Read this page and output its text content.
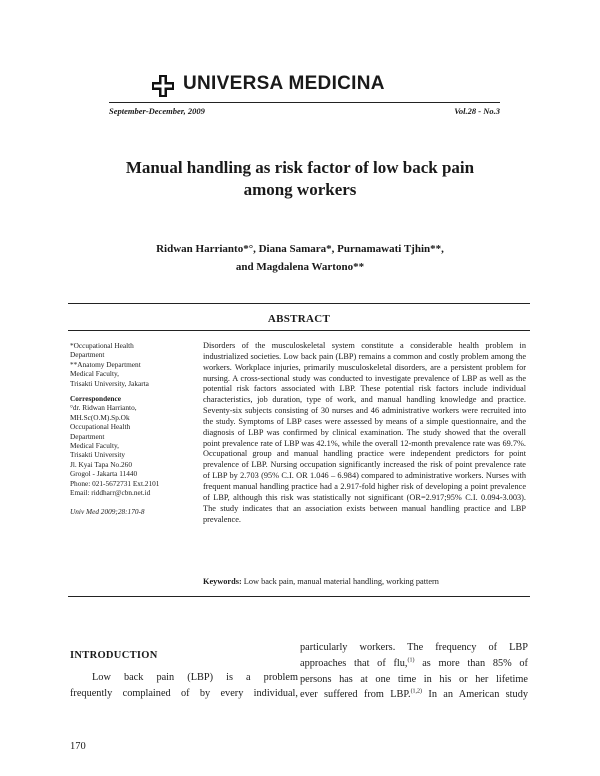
UNIVERSA MEDICINA
September-December, 2009	Vol.28 - No.3
Manual handling as risk factor of low back pain
among workers
Ridwan Harrianto*°, Diana Samara*, Purnamawati Tjhin**,
and Magdalena Wartono**
ABSTRACT
*Occupational Health
Department
**Anatomy Department
Medical Faculty,
Trisakti University, Jakarta
Correspondence
°dr. Ridwan Harrianto,
MH.Sc(O.M).Sp.Ok
Occupational Health
Department
Medical Faculty,
Trisakti University
Jl. Kyai Tapa No.260
Grogol - Jakarta 11440
Phone: 021-5672731 Ext.2101
Email: riddharr@cbn.net.id
Univ Med 2009;28:170-8
Disorders of the musculoskeletal system constitute a considerable health problem in industrialized societies. Low back pain (LBP) remains a common and costly problem among the workers. Workplace injuries, primarily musculoskeletal disorders, are a persistent problem for nursing. A cross-sectional study was conducted to investigate prevalence of LBP as well as the potential risk factors associated with LBP. These potential risk factors include individual characteristics, job duration, type of work, and manual handling knowledge and practice. Seventy-six subjects consisting of 30 nurses and 46 administrative workers were recruited into the study. Symptoms of LBP cases were assessed by means of a simple questionnaire, and the diagnosis of LBP was confirmed by clinical examination. The study showed that the overall point prevalence rate of LBP was 42.1%, while the overall 12-month prevalence rate was 69.7%. Occupational group and manual handling practice were independent predictors for point prevalence of LBP. Nursing occupation significantly increased the risk of point prevalence rate of LBP by 2.703 (95% C.I. OR 1.046 – 6.984) compared to administrative workers. Nurses with frequent manual handling practice had a 2.917-fold higher risk of developing a point prevalence of LBP, although this risk was statistically not significant (OR=2.917;95% C.I. 0.094-3.003). The study indicates that an association exists between manual handling practice and LBP prevalence.
Keywords: Low back pain, manual material handling, working pattern
INTRODUCTION
Low back pain (LBP) is a problem
frequently complained of by every individual,
particularly workers. The frequency of LBP
approaches that of flu,$^{(1)}$ as more than 85% of
persons has at one time in his or her lifetime
ever suffered from LBP.$^{(1,2)}$ In an American study
170
